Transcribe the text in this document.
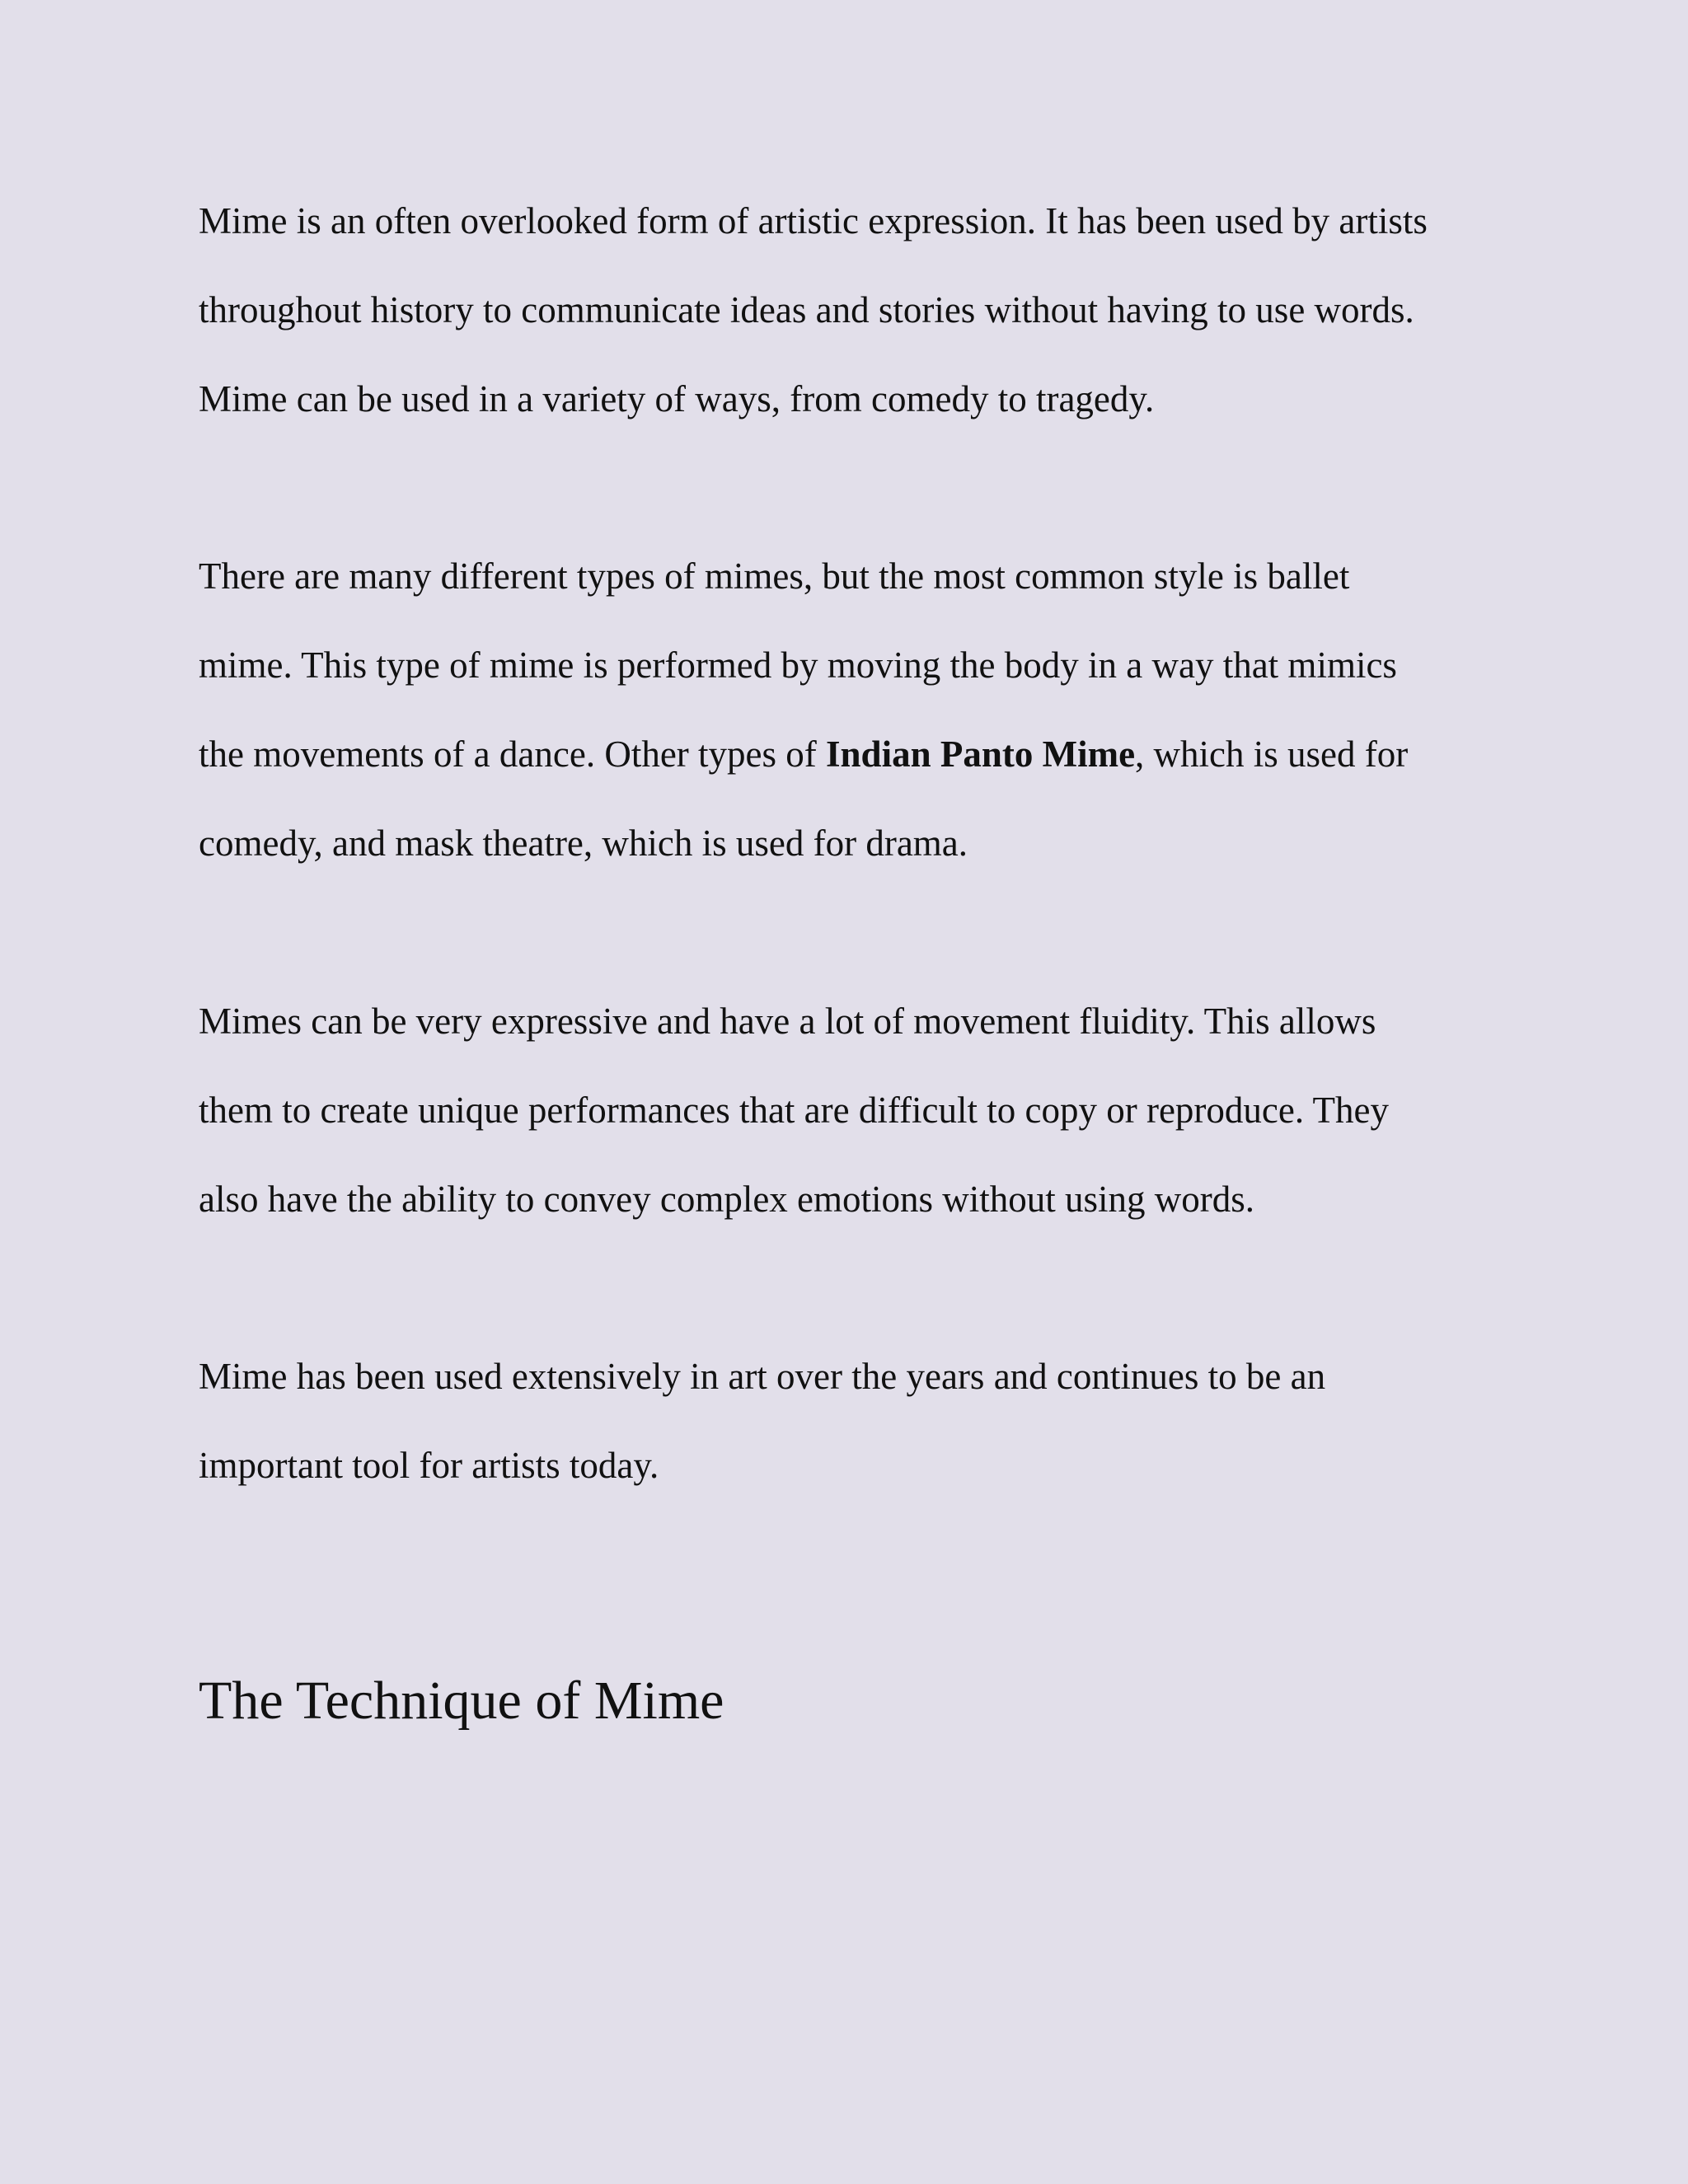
Mime is an often overlooked form of artistic expression. It has been used by artists
throughout history to communicate ideas and stories without having to use words.
Mime can be used in a variety of ways, from comedy to tragedy.

There are many different types of mimes, but the most common style is ballet
mime. This type of mime is performed by moving the body in a way that mimics
the movements of a dance. Other types of Indian Panto Mime, which is used for
comedy, and mask theatre, which is used for drama.

Mimes can be very expressive and have a lot of movement fluidity. This allows
them to create unique performances that are difficult to copy or reproduce. They
also have the ability to convey complex emotions without using words.

Mime has been used extensively in art over the years and continues to be an
important tool for artists today.

The Technique of Mime
